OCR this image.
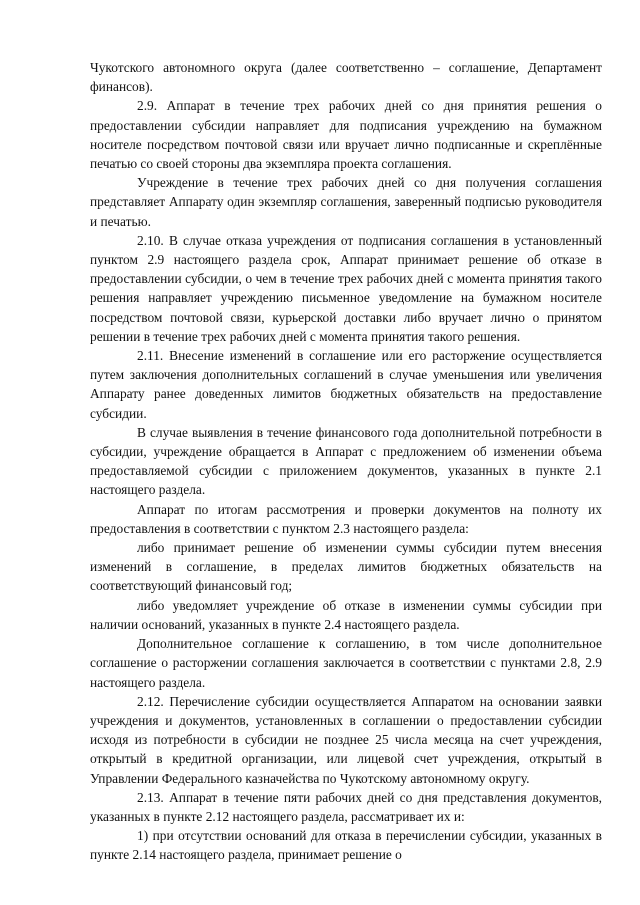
Чукотского автономного округа (далее соответственно – соглашение, Департамент финансов).

2.9. Аппарат в течение трех рабочих дней со дня принятия решения о предоставлении субсидии направляет для подписания учреждению на бумажном носителе посредством почтовой связи или вручает лично подписанные и скреплённые печатью со своей стороны два экземпляра проекта соглашения.

Учреждение в течение трех рабочих дней со дня получения соглашения представляет Аппарату один экземпляр соглашения, заверенный подписью руководителя и печатью.

2.10. В случае отказа учреждения от подписания соглашения в установленный пунктом 2.9 настоящего раздела срок, Аппарат принимает решение об отказе в предоставлении субсидии, о чем в течение трех рабочих дней с момента принятия такого решения направляет учреждению письменное уведомление на бумажном носителе посредством почтовой связи, курьерской доставки либо вручает лично о принятом решении в течение трех рабочих дней с момента принятия такого решения.

2.11. Внесение изменений в соглашение или его расторжение осуществляется путем заключения дополнительных соглашений в случае уменьшения или увеличения Аппарату ранее доведенных лимитов бюджетных обязательств на предоставление субсидии.

В случае выявления в течение финансового года дополнительной потребности в субсидии, учреждение обращается в Аппарат с предложением об изменении объема предоставляемой субсидии с приложением документов, указанных в пункте 2.1 настоящего раздела.

Аппарат по итогам рассмотрения и проверки документов на полноту их предоставления в соответствии с пунктом 2.3 настоящего раздела:

либо принимает решение об изменении суммы субсидии путем внесения изменений в соглашение, в пределах лимитов бюджетных обязательств на соответствующий финансовый год;

либо уведомляет учреждение об отказе в изменении суммы субсидии при наличии оснований, указанных в пункте 2.4 настоящего раздела.

Дополнительное соглашение к соглашению, в том числе дополнительное соглашение о расторжении соглашения заключается в соответствии с пунктами 2.8, 2.9 настоящего раздела.

2.12. Перечисление субсидии осуществляется Аппаратом на основании заявки учреждения и документов, установленных в соглашении о предоставлении субсидии исходя из потребности в субсидии не позднее 25 числа месяца на счет учреждения, открытый в кредитной организации, или лицевой счет учреждения, открытый в Управлении Федерального казначейства по Чукотскому автономному округу.

2.13. Аппарат в течение пяти рабочих дней со дня представления документов, указанных в пункте 2.12 настоящего раздела, рассматривает их и:

1) при отсутствии оснований для отказа в перечислении субсидии, указанных в пункте 2.14 настоящего раздела, принимает решение о
